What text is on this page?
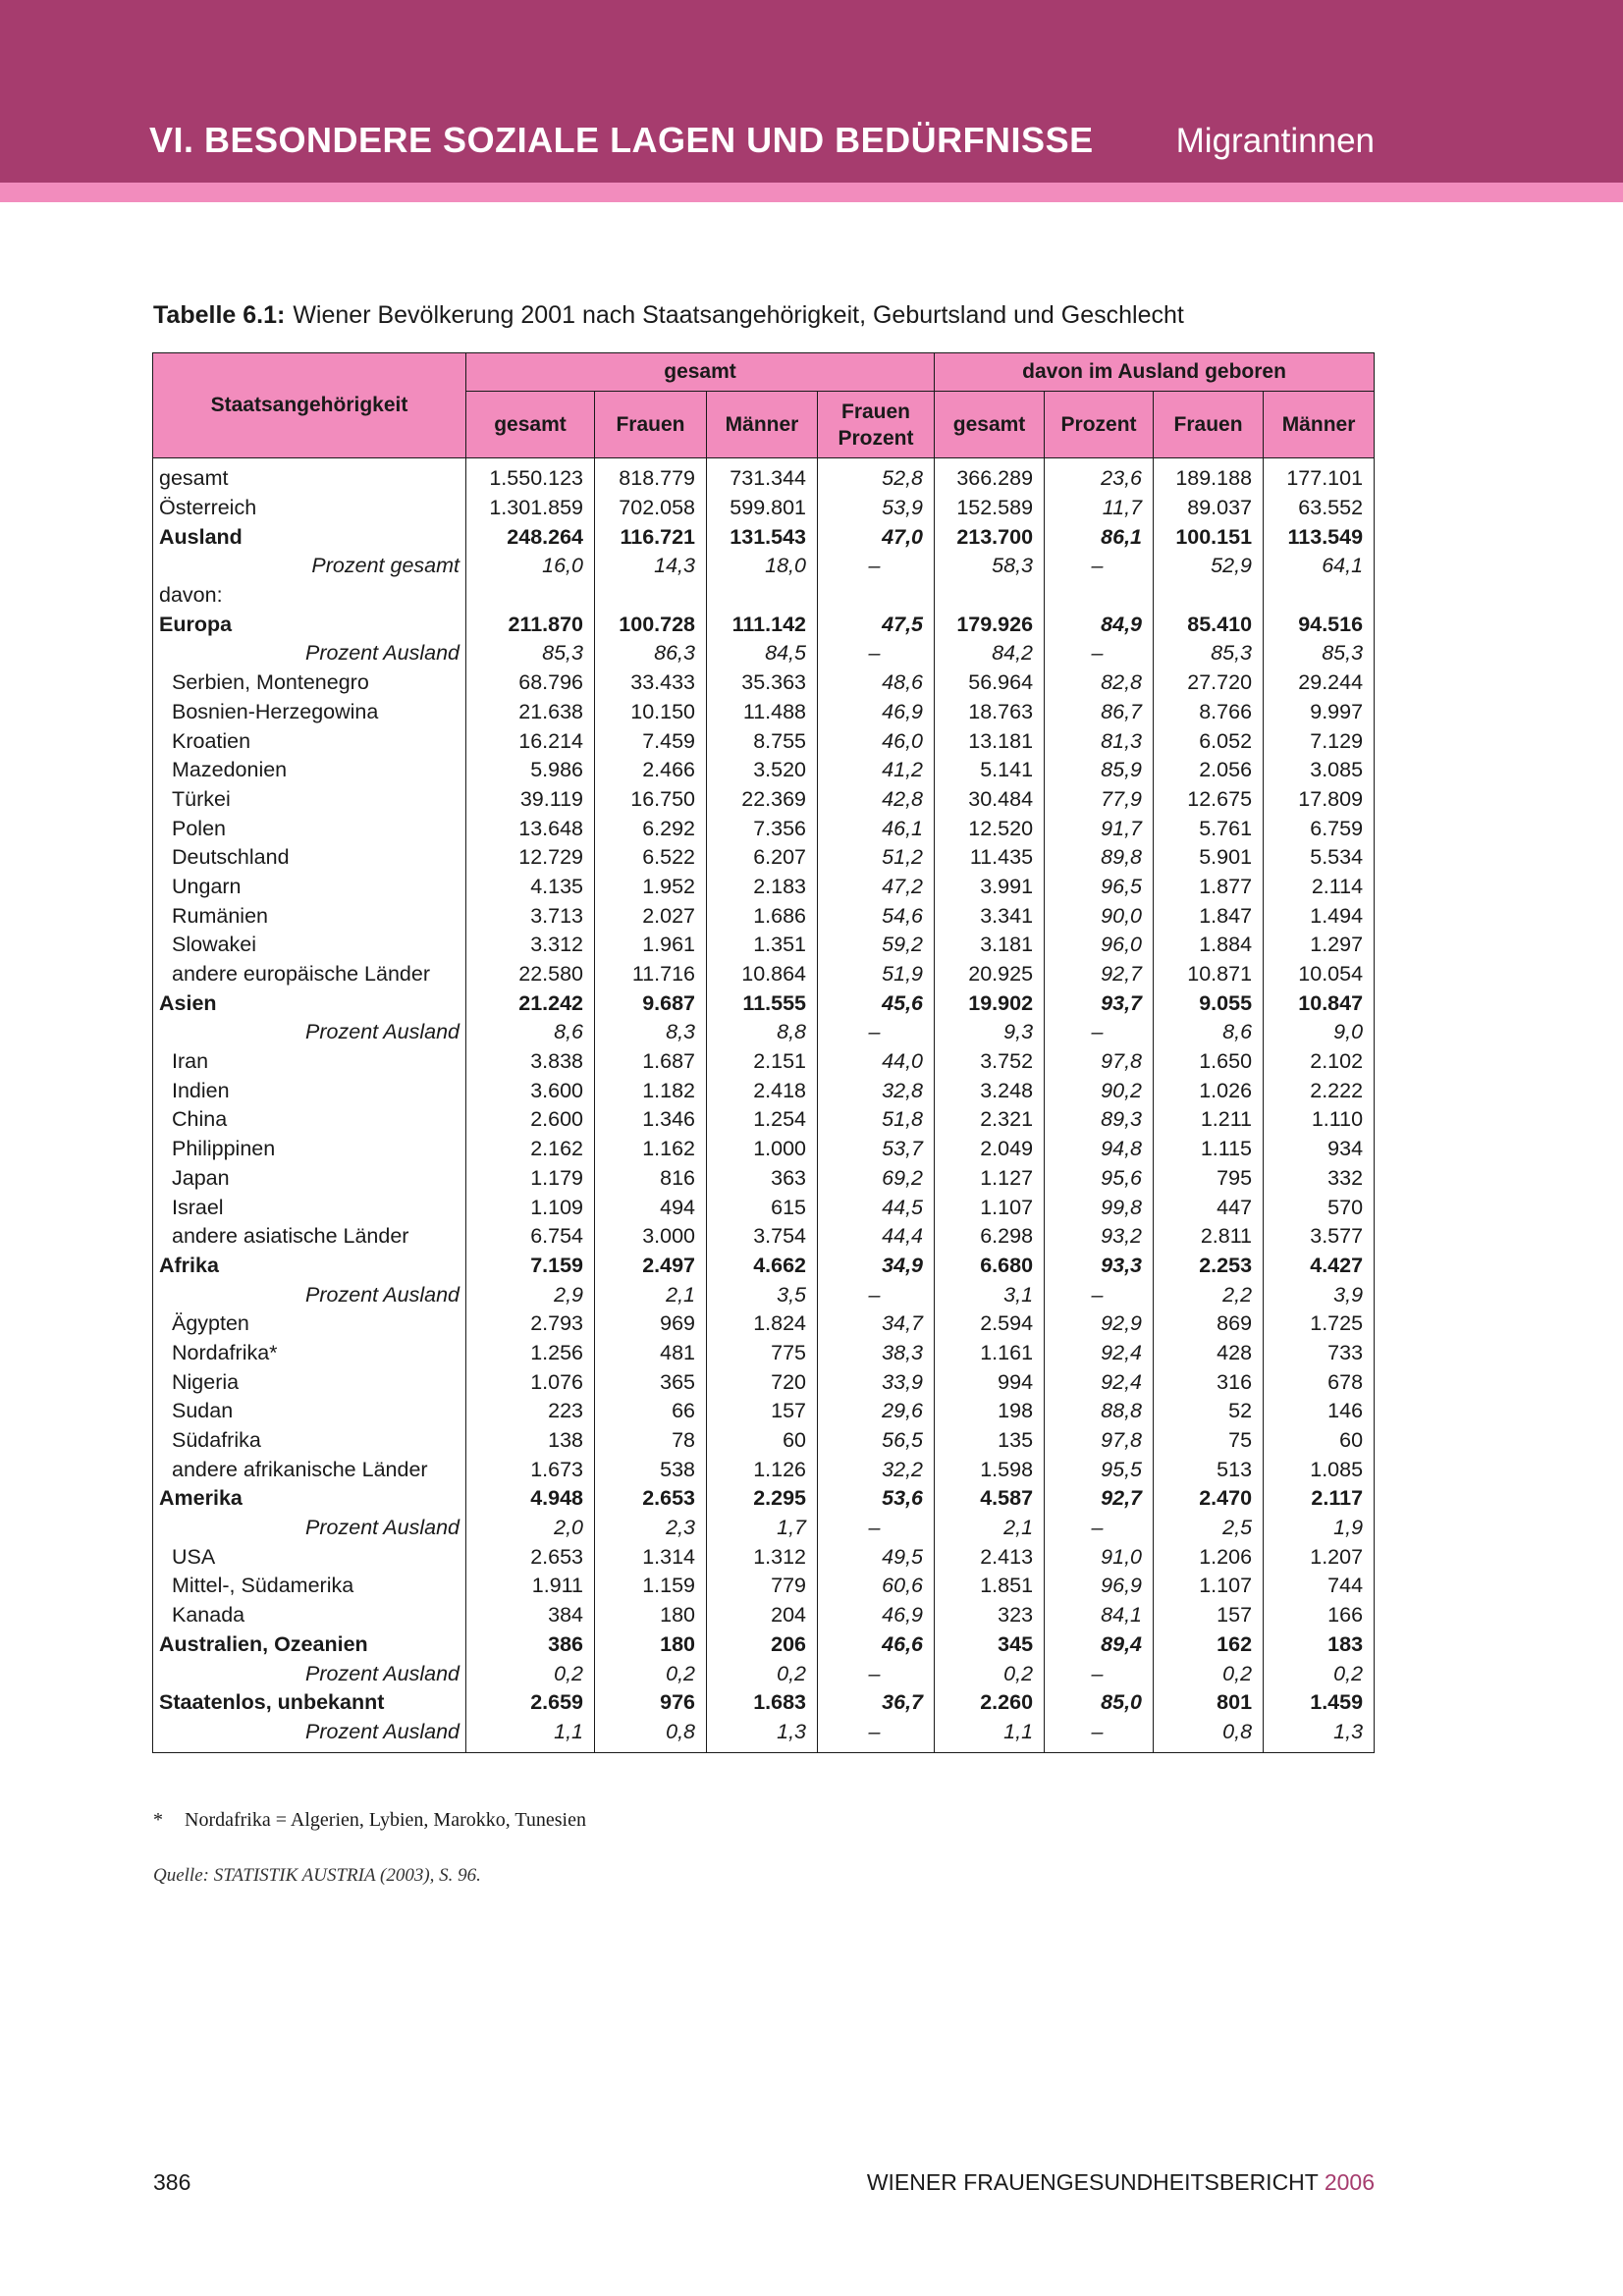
VI. BESONDERE SOZIALE LAGEN UND BEDÜRFNISSE Migrantinnen
Tabelle 6.1: Wiener Bevölkerung 2001 nach Staatsangehörigkeit, Geburtsland und Geschlecht
Staatsangehörigkeit	gesamt				davon im Ausland geboren			
	gesamt	Frauen	Männer	Frauen Prozent	gesamt	Prozent	Frauen	Männer
gesamt	1.550.123	818.779	731.344	52,8	366.289	23,6	189.188	177.101
Österreich	1.301.859	702.058	599.801	53,9	152.589	11,7	89.037	63.552
Ausland	248.264	116.721	131.543	47,0	213.700	86,1	100.151	113.549
Prozent gesamt	16,0	14,3	18,0	–	58,3	–	52,9	64,1
davon:								
Europa	211.870	100.728	111.142	47,5	179.926	84,9	85.410	94.516
Prozent Ausland	85,3	86,3	84,5	–	84,2	–	85,3	85,3
Serbien, Montenegro	68.796	33.433	35.363	48,6	56.964	82,8	27.720	29.244
Bosnien-Herzegowina	21.638	10.150	11.488	46,9	18.763	86,7	8.766	9.997
Kroatien	16.214	7.459	8.755	46,0	13.181	81,3	6.052	7.129
Mazedonien	5.986	2.466	3.520	41,2	5.141	85,9	2.056	3.085
Türkei	39.119	16.750	22.369	42,8	30.484	77,9	12.675	17.809
Polen	13.648	6.292	7.356	46,1	12.520	91,7	5.761	6.759
Deutschland	12.729	6.522	6.207	51,2	11.435	89,8	5.901	5.534
Ungarn	4.135	1.952	2.183	47,2	3.991	96,5	1.877	2.114
Rumänien	3.713	2.027	1.686	54,6	3.341	90,0	1.847	1.494
Slowakei	3.312	1.961	1.351	59,2	3.181	96,0	1.884	1.297
andere europäische Länder	22.580	11.716	10.864	51,9	20.925	92,7	10.871	10.054
Asien	21.242	9.687	11.555	45,6	19.902	93,7	9.055	10.847
Prozent Ausland	8,6	8,3	8,8	–	9,3	–	8,6	9,0
Iran	3.838	1.687	2.151	44,0	3.752	97,8	1.650	2.102
Indien	3.600	1.182	2.418	32,8	3.248	90,2	1.026	2.222
China	2.600	1.346	1.254	51,8	2.321	89,3	1.211	1.110
Philippinen	2.162	1.162	1.000	53,7	2.049	94,8	1.115	934
Japan	1.179	816	363	69,2	1.127	95,6	795	332
Israel	1.109	494	615	44,5	1.107	99,8	447	570
andere asiatische Länder	6.754	3.000	3.754	44,4	6.298	93,2	2.811	3.577
Afrika	7.159	2.497	4.662	34,9	6.680	93,3	2.253	4.427
Prozent Ausland	2,9	2,1	3,5	–	3,1	–	2,2	3,9
Ägypten	2.793	969	1.824	34,7	2.594	92,9	869	1.725
Nordafrika*	1.256	481	775	38,3	1.161	92,4	428	733
Nigeria	1.076	365	720	33,9	994	92,4	316	678
Sudan	223	66	157	29,6	198	88,8	52	146
Südafrika	138	78	60	56,5	135	97,8	75	60
andere afrikanische Länder	1.673	538	1.126	32,2	1.598	95,5	513	1.085
Amerika	4.948	2.653	2.295	53,6	4.587	92,7	2.470	2.117
Prozent Ausland	2,0	2,3	1,7	–	2,1	–	2,5	1,9
USA	2.653	1.314	1.312	49,5	2.413	91,0	1.206	1.207
Mittel-, Südamerika	1.911	1.159	779	60,6	1.851	96,9	1.107	744
Kanada	384	180	204	46,9	323	84,1	157	166
Australien, Ozeanien	386	180	206	46,6	345	89,4	162	183
Prozent Ausland	0,2	0,2	0,2	–	0,2	–	0,2	0,2
Staatenlos, unbekannt	2.659	976	1.683	36,7	2.260	85,0	801	1.459
Prozent Ausland	1,1	0,8	1,3	–	1,1	–	0,8	1,3
* Nordafrika = Algerien, Lybien, Marokko, Tunesien
Quelle: STATISTIK AUSTRIA (2003), S. 96.
386	WIENER FRAUENGESUNDHEITSBERICHT 2006
